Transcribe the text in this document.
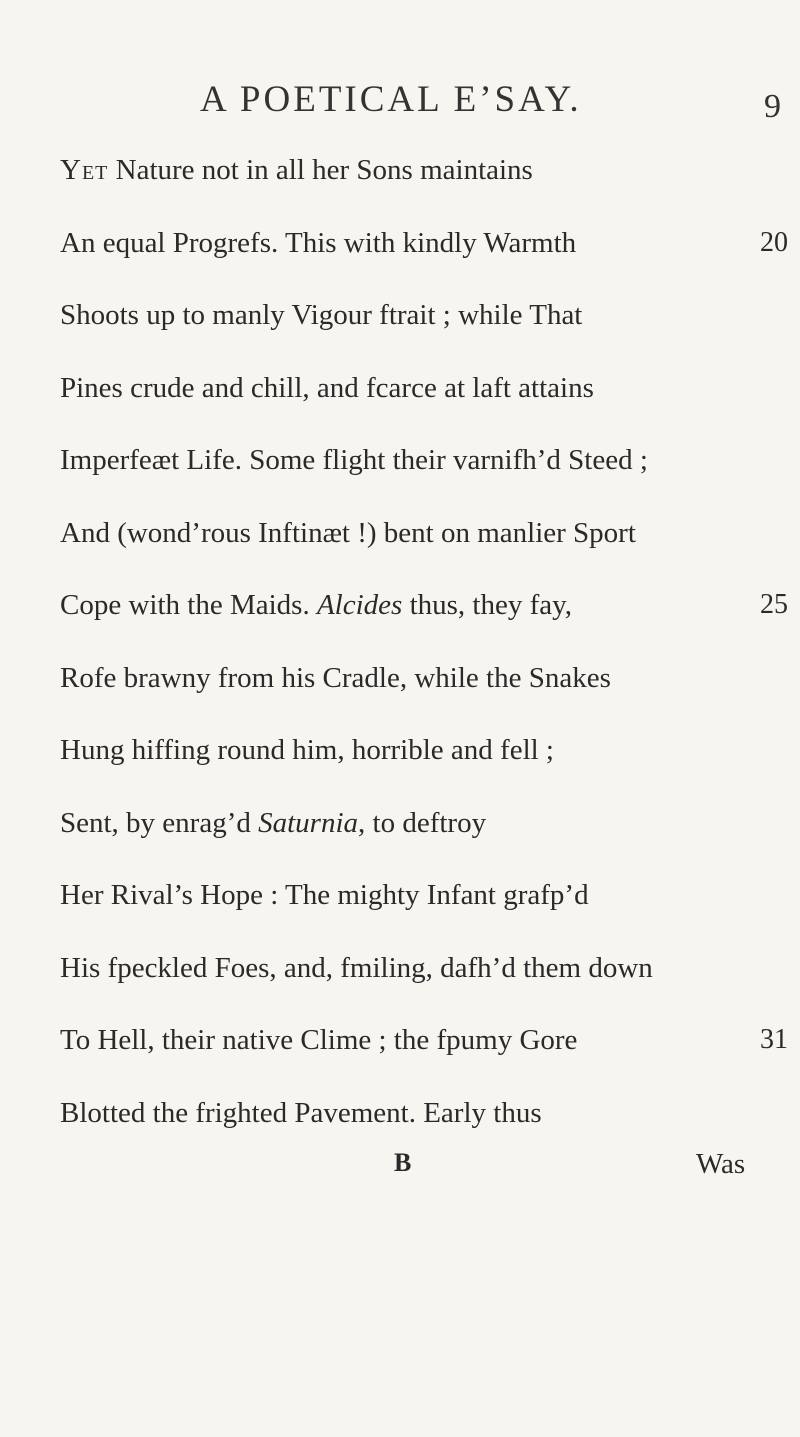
A POETICAL E’SAY.	9
Yet Nature not in all her Sons maintains
An equal Progrefs. This with kindly Warmth	20
Shoots up to manly Vigour ftrait ; while That
Pines crude and chill, and fcarce at laft attains
Imperfeæt Life. Some flight their varnifh’d Steed ;
And (wond’rous Inftinæt !) bent on manlier Sport
Cope with the Maids. Alcides thus, they fay,	25
Rofe brawny from his Cradle, while the Snakes
Hung hiffing round him, horrible and fell ;
Sent, by enrag’d Saturnia, to deftroy
Her Rival’s Hope : The mighty Infant grafp’d
His fpeckled Foes, and, fmiling, dafh’d them down
To Hell, their native Clime ; the fpumy Gore	31
Blotted the frighted Pavement. Early thus
B	Was
